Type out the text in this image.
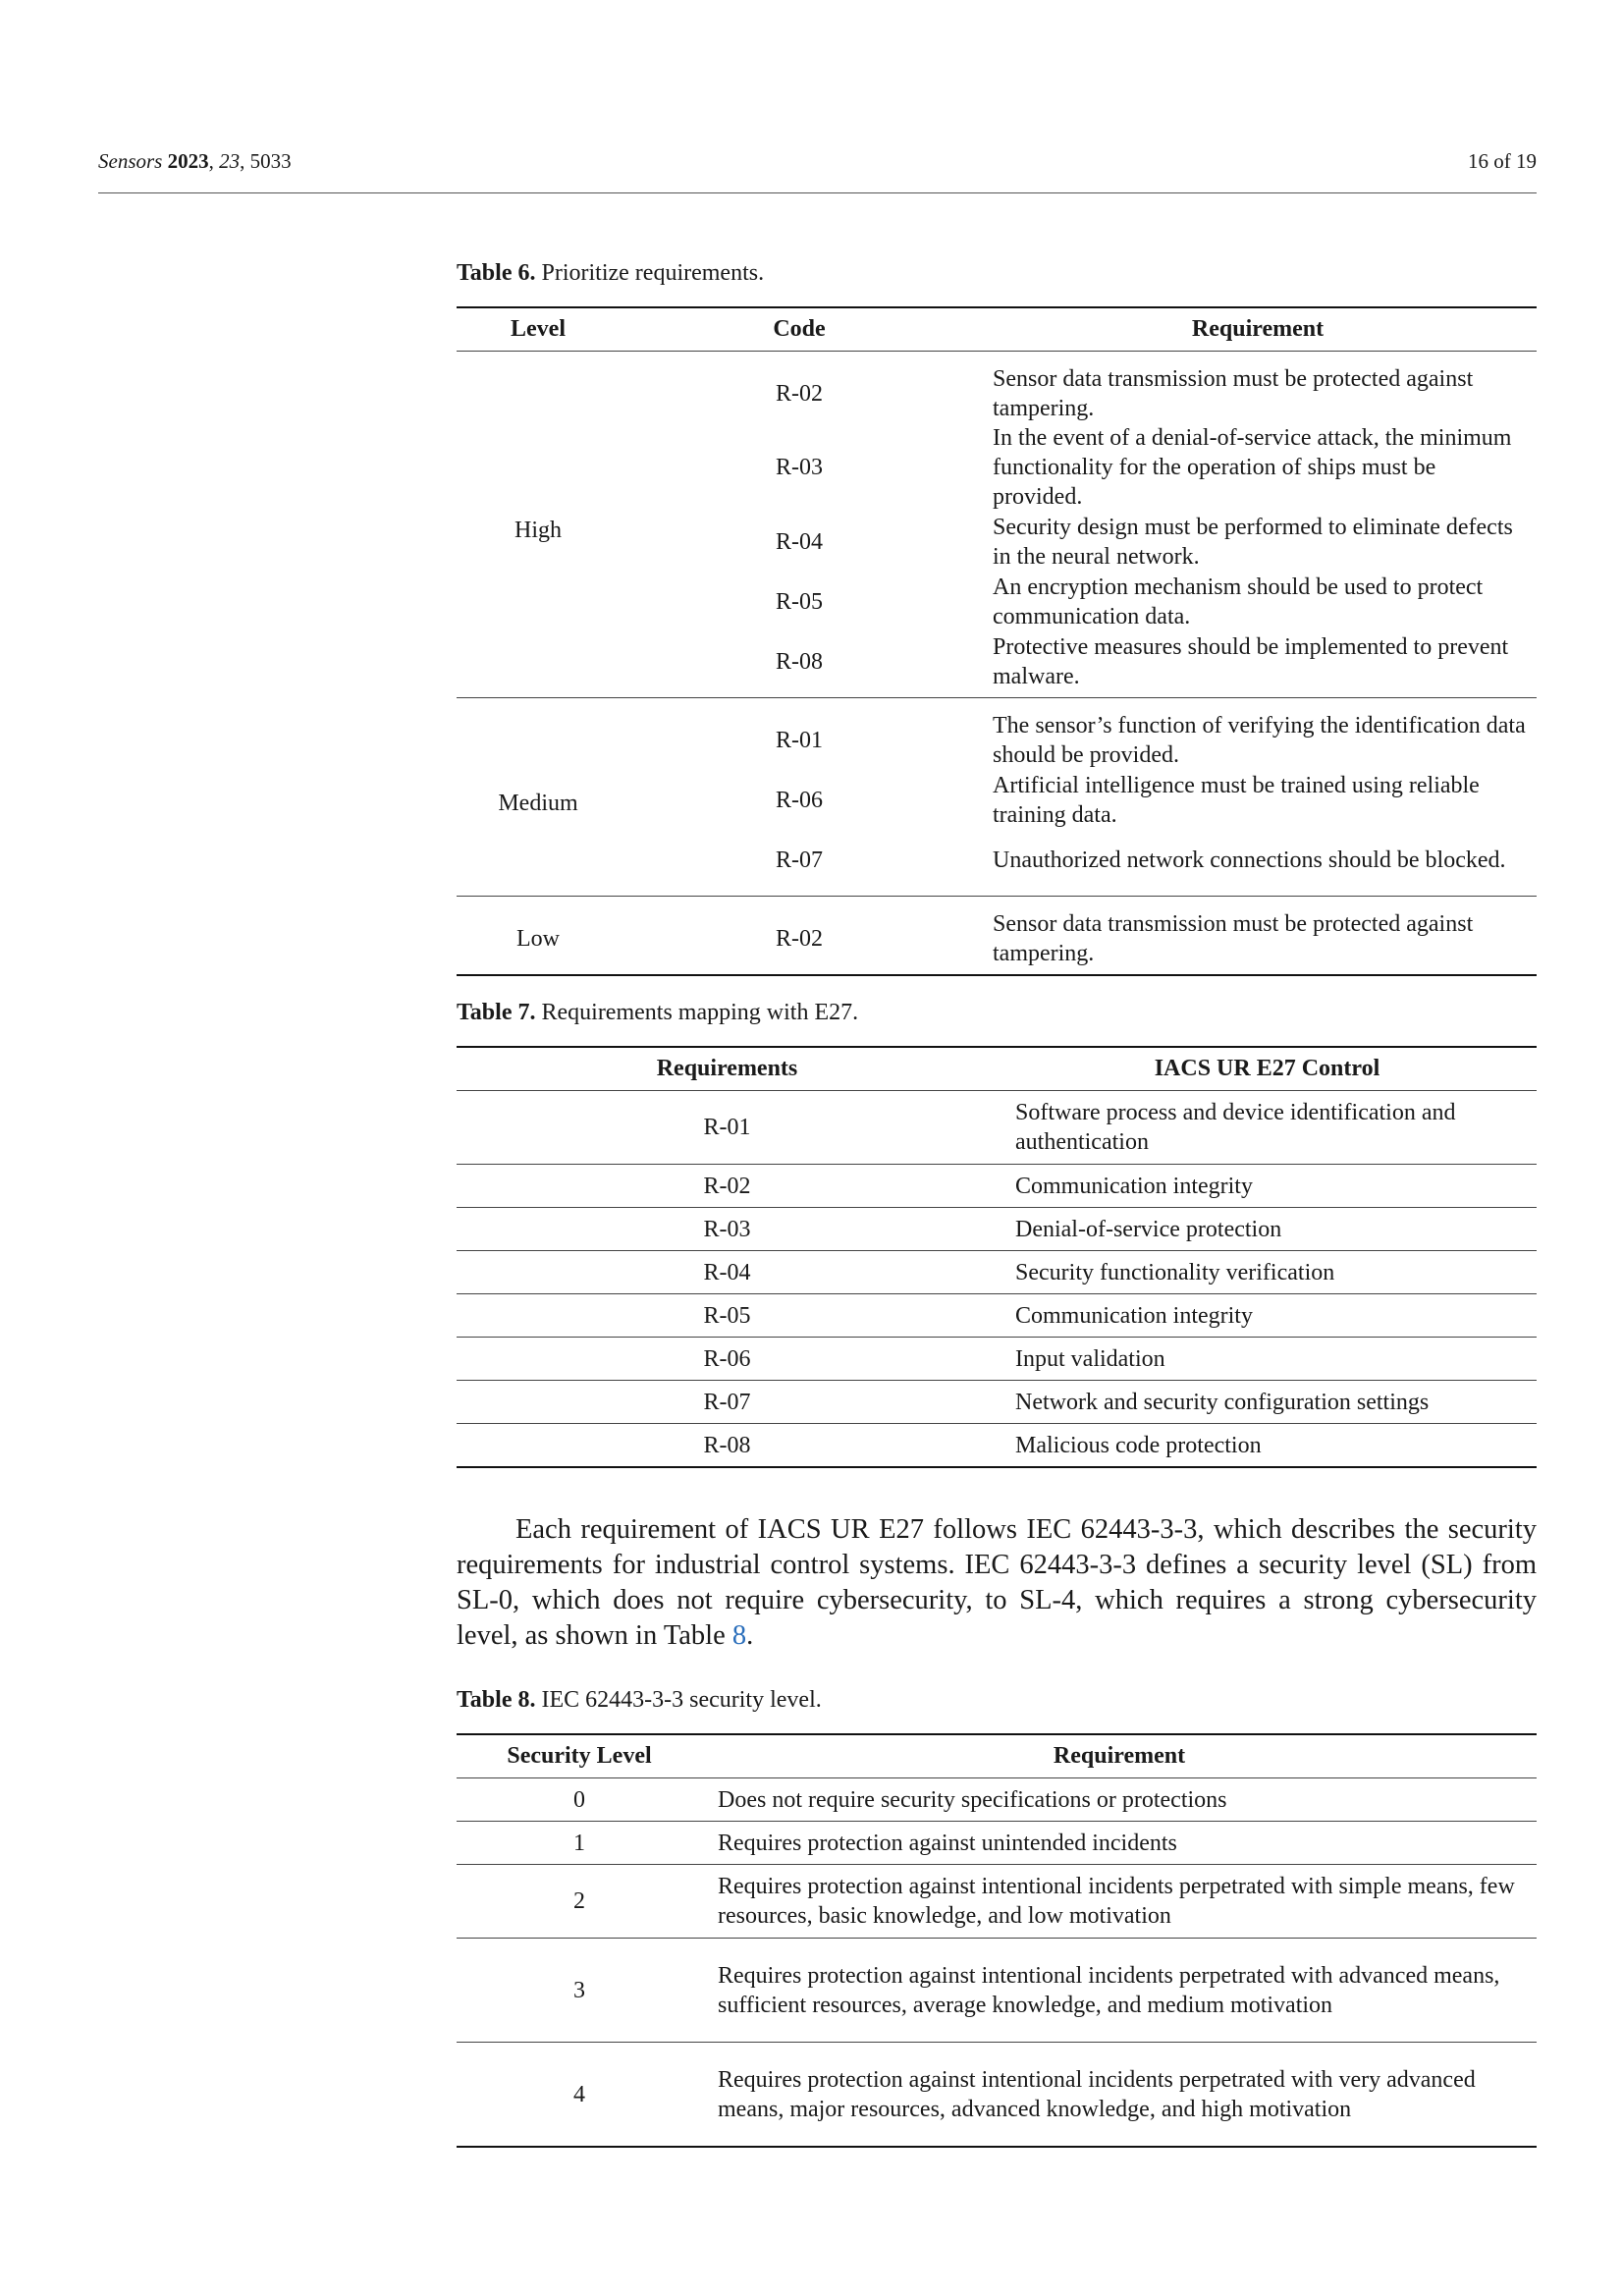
Sensors 2023, 23, 5033	16 of 19

Table 6. Prioritize requirements.

Level	Code	Requirement
High	R-02	Sensor data transmission must be protected against tampering.
	R-03	In the event of a denial-of-service attack, the minimum functionality for the operation of ships must be provided.
	R-04	Security design must be performed to eliminate defects in the neural network.
	R-05	An encryption mechanism should be used to protect communication data.
	R-08	Protective measures should be implemented to prevent malware.
Medium	R-01	The sensor’s function of verifying the identification data should be provided.
	R-06	Artificial intelligence must be trained using reliable training data.
	R-07	Unauthorized network connections should be blocked.
Low	R-02	Sensor data transmission must be protected against tampering.

Table 7. Requirements mapping with E27.

Requirements	IACS UR E27 Control
R-01	Software process and device identification and authentication
R-02	Communication integrity
R-03	Denial-of-service protection
R-04	Security functionality verification
R-05	Communication integrity
R-06	Input validation
R-07	Network and security configuration settings
R-08	Malicious code protection

Each requirement of IACS UR E27 follows IEC 62443-3-3, which describes the security requirements for industrial control systems. IEC 62443-3-3 defines a security level (SL) from SL-0, which does not require cybersecurity, to SL-4, which requires a strong cybersecurity level, as shown in Table 8.

Table 8. IEC 62443-3-3 security level.

Security Level	Requirement
0	Does not require security specifications or protections
1	Requires protection against unintended incidents
2	Requires protection against intentional incidents perpetrated with simple means, few resources, basic knowledge, and low motivation
3	Requires protection against intentional incidents perpetrated with advanced means, sufficient resources, average knowledge, and medium motivation
4	Requires protection against intentional incidents perpetrated with very advanced means, major resources, advanced knowledge, and high motivation
